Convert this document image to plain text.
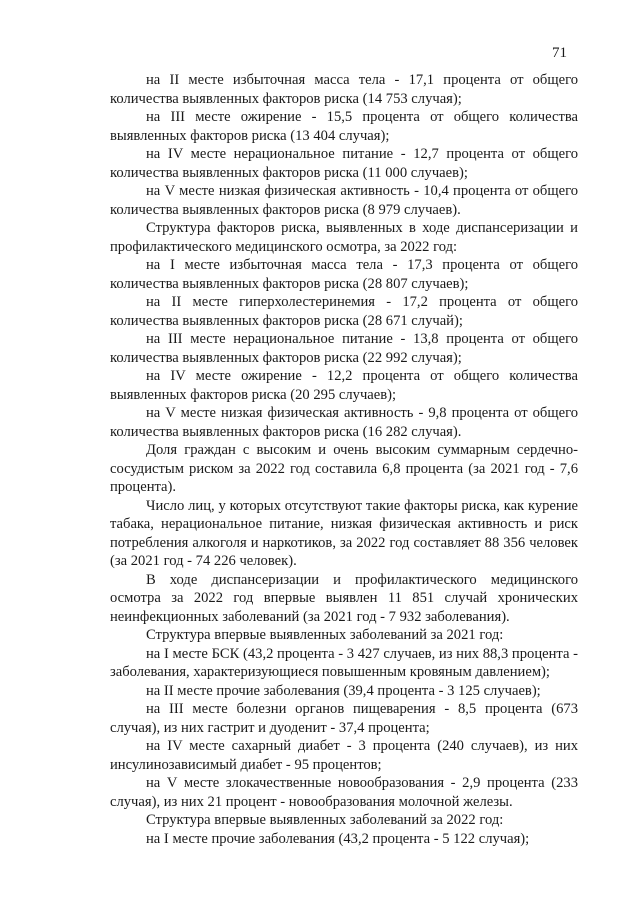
71

на II месте избыточная масса тела - 17,1 процента от общего количества выявленных факторов риска (14 753 случая);

на III месте ожирение - 15,5 процента от общего количества выявленных факторов риска (13 404 случая);

на IV месте нерациональное питание - 12,7 процента от общего количества выявленных факторов риска (11 000 случаев);

на V месте низкая физическая активность - 10,4 процента от общего количества выявленных факторов риска (8 979 случаев).

Структура факторов риска, выявленных в ходе диспансеризации и профилактического медицинского осмотра, за 2022 год:

на I месте избыточная масса тела - 17,3 процента от общего количества выявленных факторов риска (28 807 случаев);

на II месте гиперхолестеринемия - 17,2 процента от общего количества выявленных факторов риска (28 671 случай);

на III месте нерациональное питание - 13,8 процента от общего количества выявленных факторов риска (22 992 случая);

на IV месте ожирение - 12,2 процента от общего количества выявленных факторов риска (20 295 случаев);

на V месте низкая физическая активность - 9,8 процента от общего количества выявленных факторов риска (16 282 случая).

Доля граждан с высоким и очень высоким суммарным сердечно-сосудистым риском за 2022 год составила 6,8 процента (за 2021 год - 7,6 процента).

Число лиц, у которых отсутствуют такие факторы риска, как курение табака, нерациональное питание, низкая физическая активность и риск потребления алкоголя и наркотиков, за 2022 год составляет 88 356 человек (за 2021 год - 74 226 человек).

В ходе диспансеризации и профилактического медицинского осмотра за 2022 год впервые выявлен 11 851 случай хронических неинфекционных заболеваний (за 2021 год - 7 932 заболевания).

Структура впервые выявленных заболеваний за 2021 год:

на I месте БСК (43,2 процента - 3 427 случаев, из них 88,3 процента - заболевания, характеризующиеся повышенным кровяным давлением);

на II месте прочие заболевания (39,4 процента - 3 125 случаев);

на III месте болезни органов пищеварения - 8,5 процента (673 случая), из них гастрит и дуоденит - 37,4 процента;

на IV месте сахарный диабет - 3 процента (240 случаев), из них инсулинозависимый диабет - 95 процентов;

на V месте злокачественные новообразования - 2,9 процента (233 случая), из них 21 процент - новообразования молочной железы.

Структура впервые выявленных заболеваний за 2022 год:

на I месте прочие заболевания (43,2 процента - 5 122 случая);
